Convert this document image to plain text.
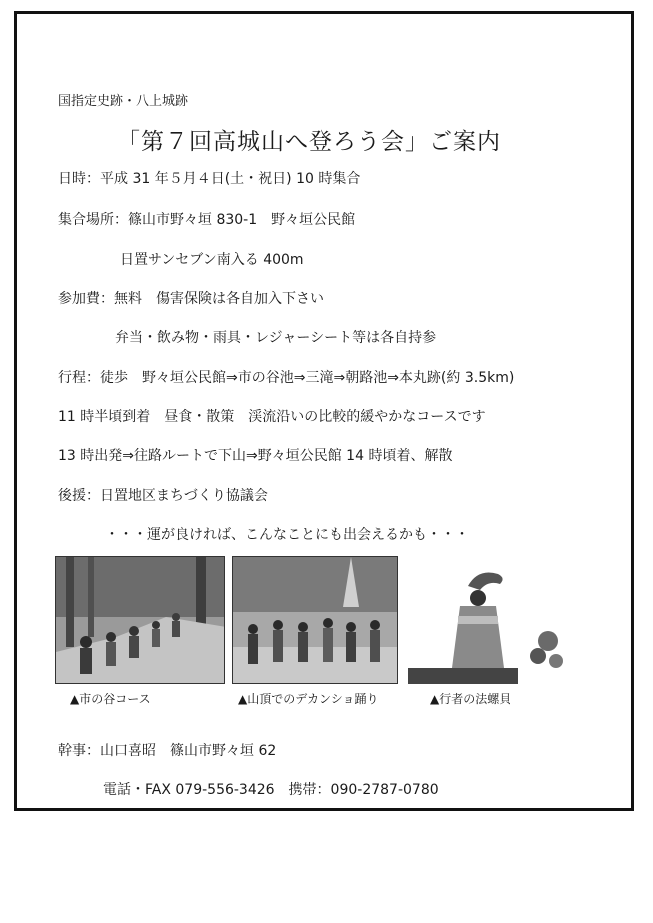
国指定史跡・八上城跡
「第７回高城山へ登ろう会」ご案内
日時：平成 31 年５月４日(土・祝日) 10 時集合
集合場所：篠山市野々垣 830-1　野々垣公民館
日置サンセブン南入る 400m
参加費：無料　傷害保険は各自加入下さい
弁当・飲み物・雨具・レジャーシート等は各自持参
行程：徒歩　野々垣公民館⇒市の谷池⇒三滝⇒朝路池⇒本丸跡(約 3.5km)
11 時半頃到着　昼食・散策　渓流沿いの比較的緩やかなコースです
13 時出発⇒往路ルートで下山⇒野々垣公民館 14 時頃着、解散
後援：日置地区まちづくり協議会
・・・運が良ければ、こんなことにも出会えるかも・・・
▲市の谷コース	▲山頂でのデカンショ踊り	▲行者の法螺貝
幹事：山口喜昭　篠山市野々垣 62
電話・FAX 079-556-3426　携帯：090-2787-0780
